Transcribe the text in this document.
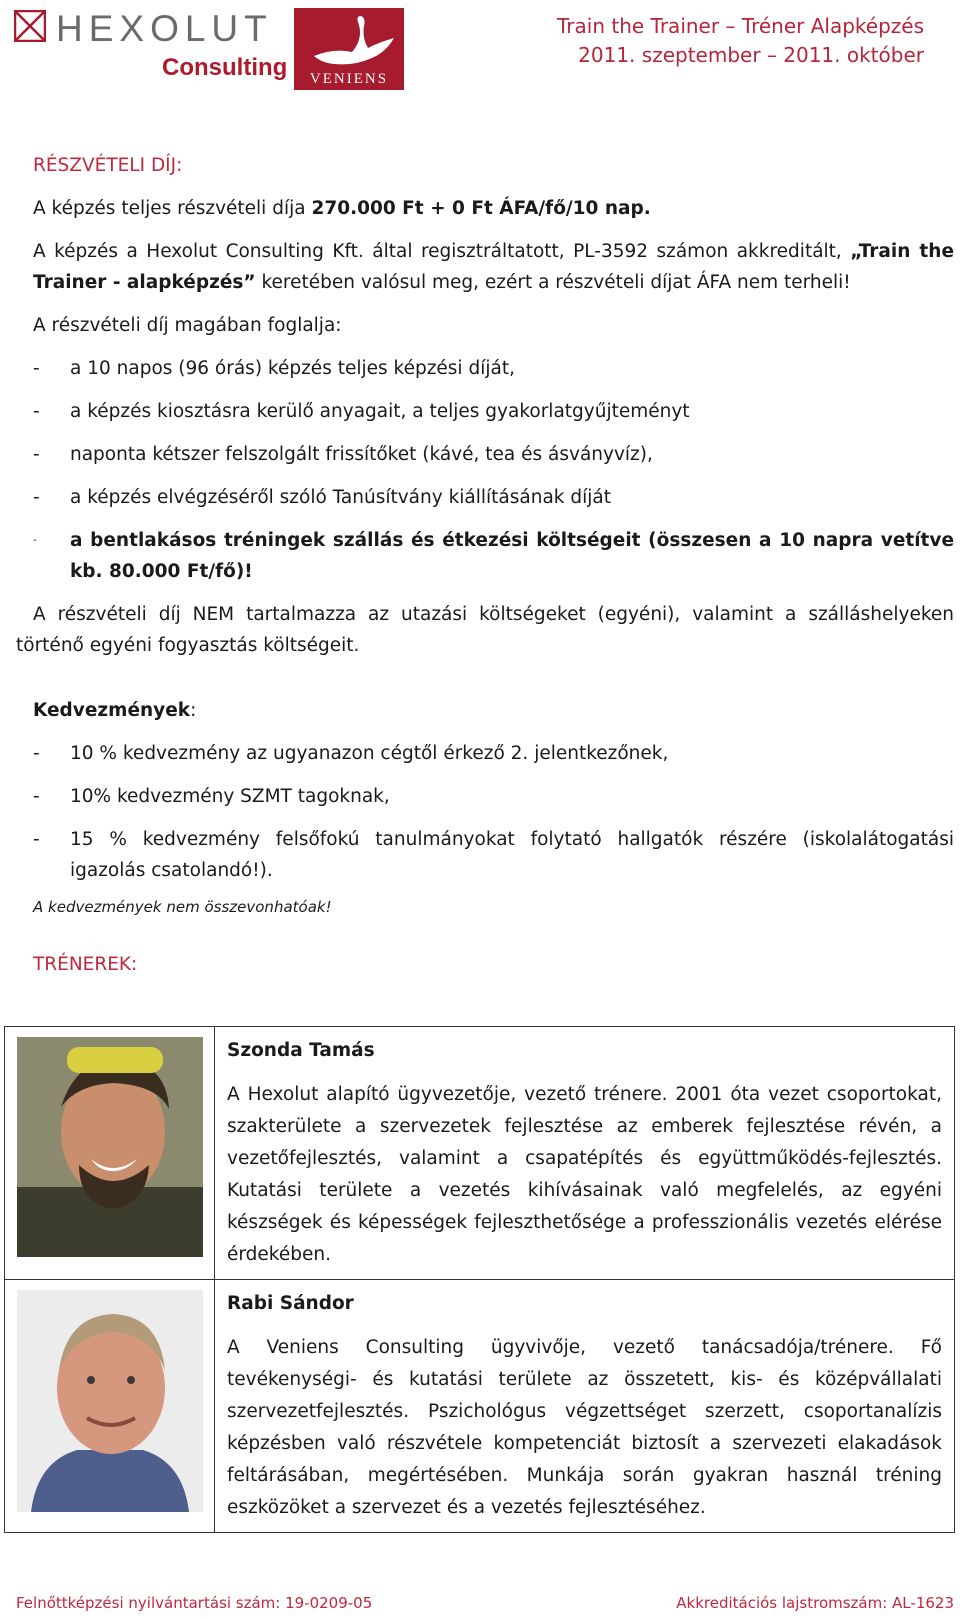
HEXOLUT
Consulting	VENIENS
Train the Trainer – Tréner Alapképzés
2011. szeptember – 2011. október
RÉSZVÉTELI DÍJ:
A képzés teljes részvételi díja 270.000 Ft + 0 Ft ÁFA/fő/10 nap.
A képzés a Hexolut Consulting Kft. által regisztráltatott, PL-3592 számon akkreditált, „Train the Trainer - alapképzés” keretében valósul meg, ezért a részvételi díjat ÁFA nem terheli!
A részvételi díj magában foglalja:
- a 10 napos (96 órás) képzés teljes képzési díját,
- a képzés kiosztásra kerülő anyagait, a teljes gyakorlatgyűjteményt
- naponta kétszer felszolgált frissítőket (kávé, tea és ásványvíz),
- a képzés elvégzéséről szóló Tanúsítvány kiállításának díját
- a bentlakásos tréningek szállás és étkezési költségeit (összesen a 10 napra vetítve kb. 80.000 Ft/fő)!
A részvételi díj NEM tartalmazza az utazási költségeket (egyéni), valamint a szálláshelyeken történő egyéni fogyasztás költségeit.
Kedvezmények:
- 10 % kedvezmény az ugyanazon cégtől érkező 2. jelentkezőnek,
- 10% kedvezmény SZMT tagoknak,
- 15 % kedvezmény felsőfokú tanulmányokat folytató hallgatók részére (iskolalátogatási igazolás csatolandó!).
A kedvezmények nem összevonhatóak!
TRÉNEREK:
Szonda Tamás
A Hexolut alapító ügyvezetője, vezető trénere. 2001 óta vezet csoportokat, szakterülete a szervezetek fejlesztése az emberek fejlesztése révén, a vezetőfejlesztés, valamint a csapatépítés és együttműködés-fejlesztés. Kutatási területe a vezetés kihívásainak való megfelelés, az egyéni készségek és képességek fejleszthetősége a professzionális vezetés elérése érdekében.
Rabi Sándor
A Veniens Consulting ügyvivője, vezető tanácsadója/trénere. Fő tevékenységi- és kutatási területe az összetett, kis- és középvállalati szervezetfejlesztés. Pszichológus végzettséget szerzett, csoportanalízis képzésben való részvétele kompetenciát biztosít a szervezeti elakadások feltárásában, megértésében. Munkája során gyakran használ tréning eszközöket a szervezet és a vezetés fejlesztéséhez.
Felnőttképzési nyilvántartási szám: 19-0209-05	Akkreditációs lajstromszám: AL-1623
